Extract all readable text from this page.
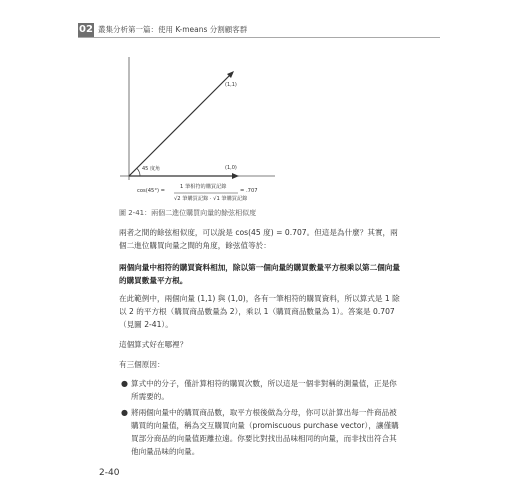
02 叢集分析第一篇：使用 K-means 分割顧客群
(1,1)
(1,0)
45 度角
cos(45°) =
1 筆相符的購買記錄
√2 筆購買記錄 · √1 筆購買記錄
= .707
圖 2-41：兩個二進位購買向量的餘弦相似度

兩者之間的餘弦相似度，可以說是 cos(45 度) = 0.707。但這是為什麼？其實，兩個二進位購買向量之間的角度，餘弦值等於：

兩個向量中相符的購買資料相加，除以第一個向量的購買數量平方根乘以第二個向量的購買數量平方根。

在此範例中，兩個向量 (1,1) 與 (1,0)，各有一筆相符的購買資料，所以算式是 1 除以 2 的平方根（購買商品數量為 2），乘以 1（購買商品數量為 1）。答案是 0.707（見圖 2-41）。

這個算式好在哪裡？

有三個原因：

● 算式中的分子，僅計算相符的購買次數，所以這是一個非對稱的測量值，正是你所需要的。
● 將兩個向量中的購買商品數，取平方根後做為分母，你可以計算出每一件商品被購買的向量值，稱為交互購買向量（promiscuous purchase vector），讓僅購買部分商品的向量值距離拉遠。你要比對找出品味相同的向量，而非找出符合其他向量品味的向量。
2-40
